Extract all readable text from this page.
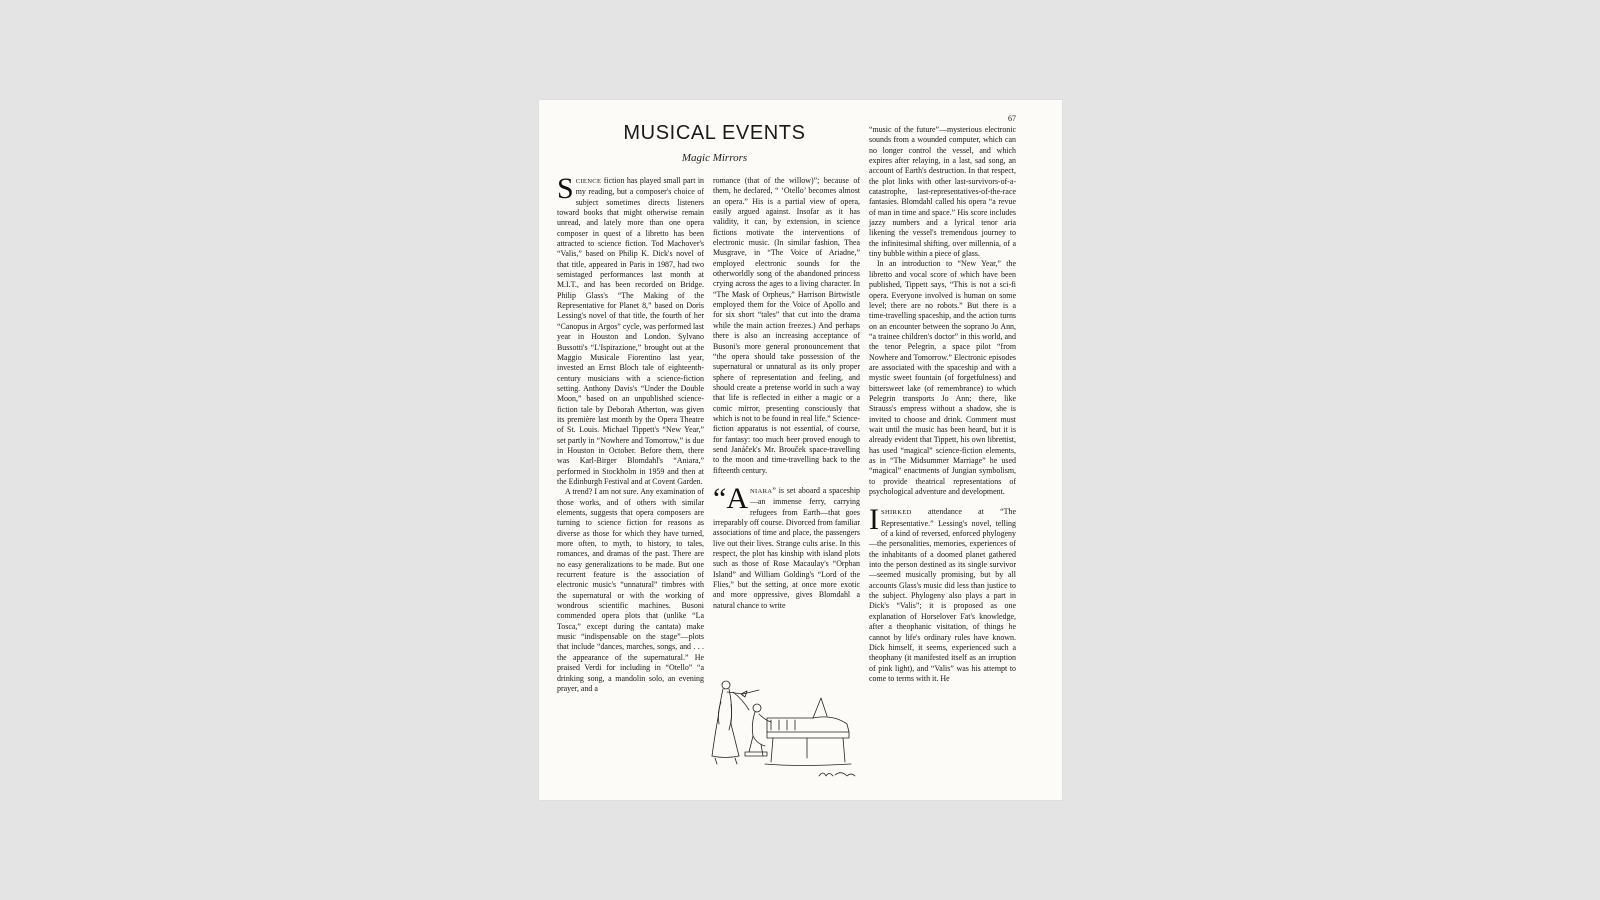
67
MUSICAL EVENTS
Magic Mirrors

SCIENCE fiction has played small part in my reading, but a composer's choice of subject sometimes directs listeners toward books that might otherwise remain unread, and lately more than one opera composer in quest of a libretto has been attracted to science fiction. Tod Machover's “Valis,” based on Philip K. Dick's novel of that title, appeared in Paris in 1987, had two semistaged performances last month at M.I.T., and has been recorded on Bridge. Philip Glass's “The Making of the Representative for Planet 8,” based on Doris Lessing's novel of that title, the fourth of her “Canopus in Argos” cycle, was performed last year in Houston and London. Sylvano Bussotti's “L'Ispirazione,” brought out at the Maggio Musicale Fiorentino last year, invested an Ernst Bloch tale of eighteenth-century musicians with a science-fiction setting. Anthony Davis's “Under the Double Moon,” based on an unpublished science-fiction tale by Deborah Atherton, was given its première last month by the Opera Theatre of St. Louis. Michael Tippett's “New Year,” set partly in “Nowhere and Tomorrow,” is due in Houston in October. Before them, there was Karl-Birger Blomdahl's “Aniara,” performed in Stockholm in 1959 and then at the Edinburgh Festival and at Covent Garden.

A trend? I am not sure. Any examination of those works, and of others with similar elements, suggests that opera composers are turning to science fiction for reasons as diverse as those for which they have turned, more often, to myth, to history, to tales, romances, and dramas of the past. There are no easy generalizations to be made. But one recurrent feature is the association of electronic music's “unnatural” timbres with the supernatural or with the working of wondrous scientific machines. Busoni commended opera plots that (unlike “La Tosca,” except during the cantata) make music “indispensable on the stage”—plots that include “dances, marches, songs, and . . . the appearance of the supernatural.” He praised Verdi for including in “Otello” “a drinking song, a mandolin solo, an evening prayer, and a

romance (that of the willow)”; because of them, he declared, “ ‘Otello’ becomes almost an opera.” His is a partial view of opera, easily argued against. Insofar as it has validity, it can, by extension, in science fictions motivate the interventions of electronic music. (In similar fashion, Thea Musgrave, in “The Voice of Ariadne,” employed electronic sounds for the otherworldly song of the abandoned princess crying across the ages to a living character. In “The Mask of Orpheus,” Harrison Birtwistle employed them for the Voice of Apollo and for six short “tales” that cut into the drama while the main action freezes.) And perhaps there is also an increasing acceptance of Busoni's more general pronouncement that “the opera should take possession of the supernatural or unnatural as its only proper sphere of representation and feeling, and should create a pretense world in such a way that life is reflected in either a magic or a comic mirror, presenting consciously that which is not to be found in real life.” Science-fiction apparatus is not essential, of course, for fantasy: too much beer proved enough to send Janáček's Mr. Brouček space-travelling to the moon and time-travelling back to the fifteenth century.

“ANIARA” is set aboard a spaceship—an immense ferry, carrying refugees from Earth—that goes irreparably off course. Divorced from familiar associations of time and place, the passengers live out their lives. Strange cults arise. In this respect, the plot has kinship with island plots such as those of Rose Macaulay's “Orphan Island” and William Golding's “Lord of the Flies,” but the setting, at once more exotic and more oppressive, gives Blomdahl a natural chance to write

“music of the future”—mysterious electronic sounds from a wounded computer, which can no longer control the vessel, and which expires after relaying, in a last, sad song, an account of Earth's destruction. In that respect, the plot links with other last-survivors-of-a-catastrophe, last-representatives-of-the-race fantasies. Blomdahl called his opera “a revue of man in time and space.” His score includes jazzy numbers and a lyrical tenor aria likening the vessel's tremendous journey to the infinitesimal shifting, over millennia, of a tiny bubble within a piece of glass.

In an introduction to “New Year,” the libretto and vocal score of which have been published, Tippett says, “This is not a sci-fi opera. Everyone involved is human on some level; there are no robots.” But there is a time-travelling spaceship, and the action turns on an encounter between the soprano Jo Ann, “a trainee children's doctor” in this world, and the tenor Pelegrin, a space pilot “from Nowhere and Tomorrow.” Electronic episodes are associated with the spaceship and with a mystic sweet fountain (of forgetfulness) and bittersweet lake (of remembrance) to which Pelegrin transports Jo Ann; there, like Strauss's empress without a shadow, she is invited to choose and drink. Comment must wait until the music has been heard, but it is already evident that Tippett, his own librettist, has used “magical” science-fiction elements, as in “The Midsummer Marriage” he used “magical” enactments of Jungian symbolism, to provide theatrical representations of psychological adventure and development.

ISHIRKED attendance at “The Representative.” Lessing's novel, telling of a kind of reversed, enforced phylogeny—the personalities, memories, experiences of the inhabitants of a doomed planet gathered into the person destined as its single survivor—seemed musically promising, but by all accounts Glass's music did less than justice to the subject. Phylogeny also plays a part in Dick's “Valis”; it is proposed as one explanation of Horselover Fat's knowledge, after a theophanic visitation, of things he cannot by life's ordinary rules have known. Dick himself, it seems, experienced such a theophany (it manifested itself as an irruption of pink light), and “Valis” was his attempt to come to terms with it. He
